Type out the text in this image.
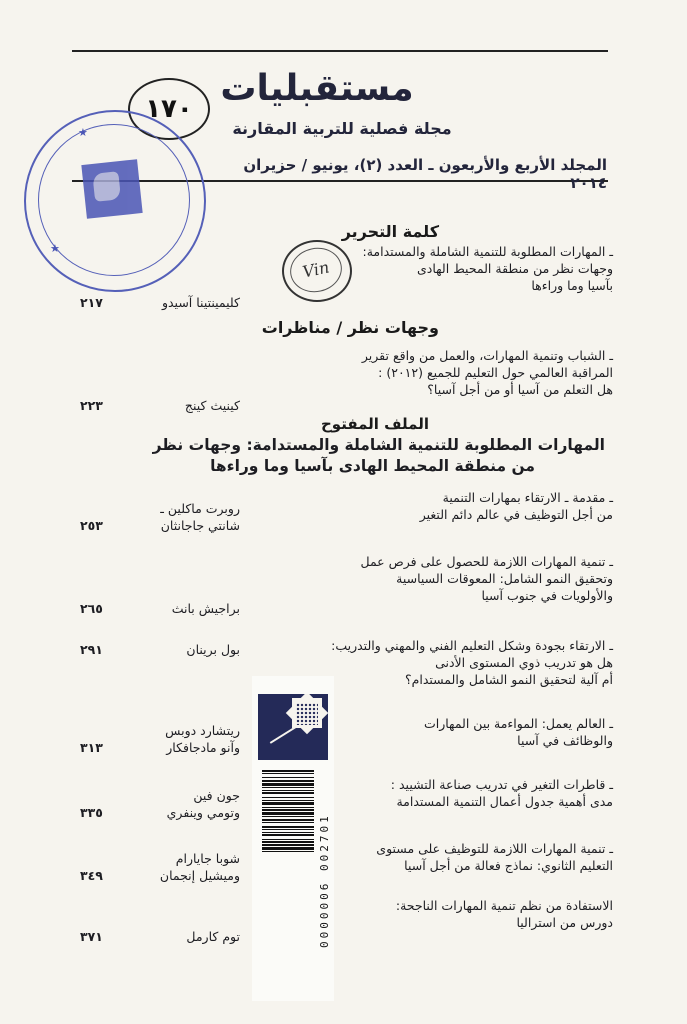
مستقبليات
مجلة فصلية للتربية المقارنة
المجلد الأربع والأربعون ـ العدد (٢)، يونيو / حزيران ٢٠١٤
١٧٠
★
★
Vin
كلمة التحرير
ـ المهارات المطلوبة للتنمية الشاملة والمستدامة:
وجهات نظر من منطقة المحيط الهادى
بآسيا وما وراءها
كليمينتينا آسيدو
٢١٧
وجهات نظر / مناظرات
ـ الشباب وتنمية المهارات، والعمل من واقع تقرير
المراقبة العالمي حول التعليم للجميع (٢٠١٢) :
هل التعلم من آسيا أو من أجل آسيا؟
كينيث كينج
٢٢٣
الملف المفتوح
المهارات المطلوبة للتنمية الشاملة والمستدامة: وجهات نظر
من منطقة المحيط الهادى بآسيا وما وراءها
ـ مقدمة ـ الارتقاء بمهارات التنمية
من أجل التوظيف في عالم دائم التغير
روبرت ماكلين ـ
شانتي جاجانثان
٢٥٣
ـ تنمية المهارات اللازمة للحصول على فرص عمل
وتحقيق النمو الشامل: المعوقات السياسية
والأولويات في جنوب آسيا
براجيش بانث
٢٦٥
ـ الارتقاء بجودة وشكل التعليم الفني والمهني والتدريب:
هل هو تدريب ذوي المستوى الأدنى
أم آلية لتحقيق النمو الشامل والمستدام؟
بول برينان
٢٩١
ـ العالم يعمل: المواءمة بين المهارات
والوظائف في آسيا
ريتشارد دوبس
وآنو مادجافكار
٣١٣
ـ قاطرات التغير في تدريب صناعة التشييد :
مدى أهمية جدول أعمال التنمية المستدامة
جون فين
وتومي وينفري
٣٣٥
ـ تنمية المهارات اللازمة للتوظيف على مستوى
التعليم الثانوي: نماذج فعالة من أجل آسيا
شوبا جايارام
وميشيل إنجمان
٣٤٩
الاستفادة من نظم تنمية المهارات الناجحة:
دورس من استراليا
توم كارمل
٣٧١	0000006 002701
